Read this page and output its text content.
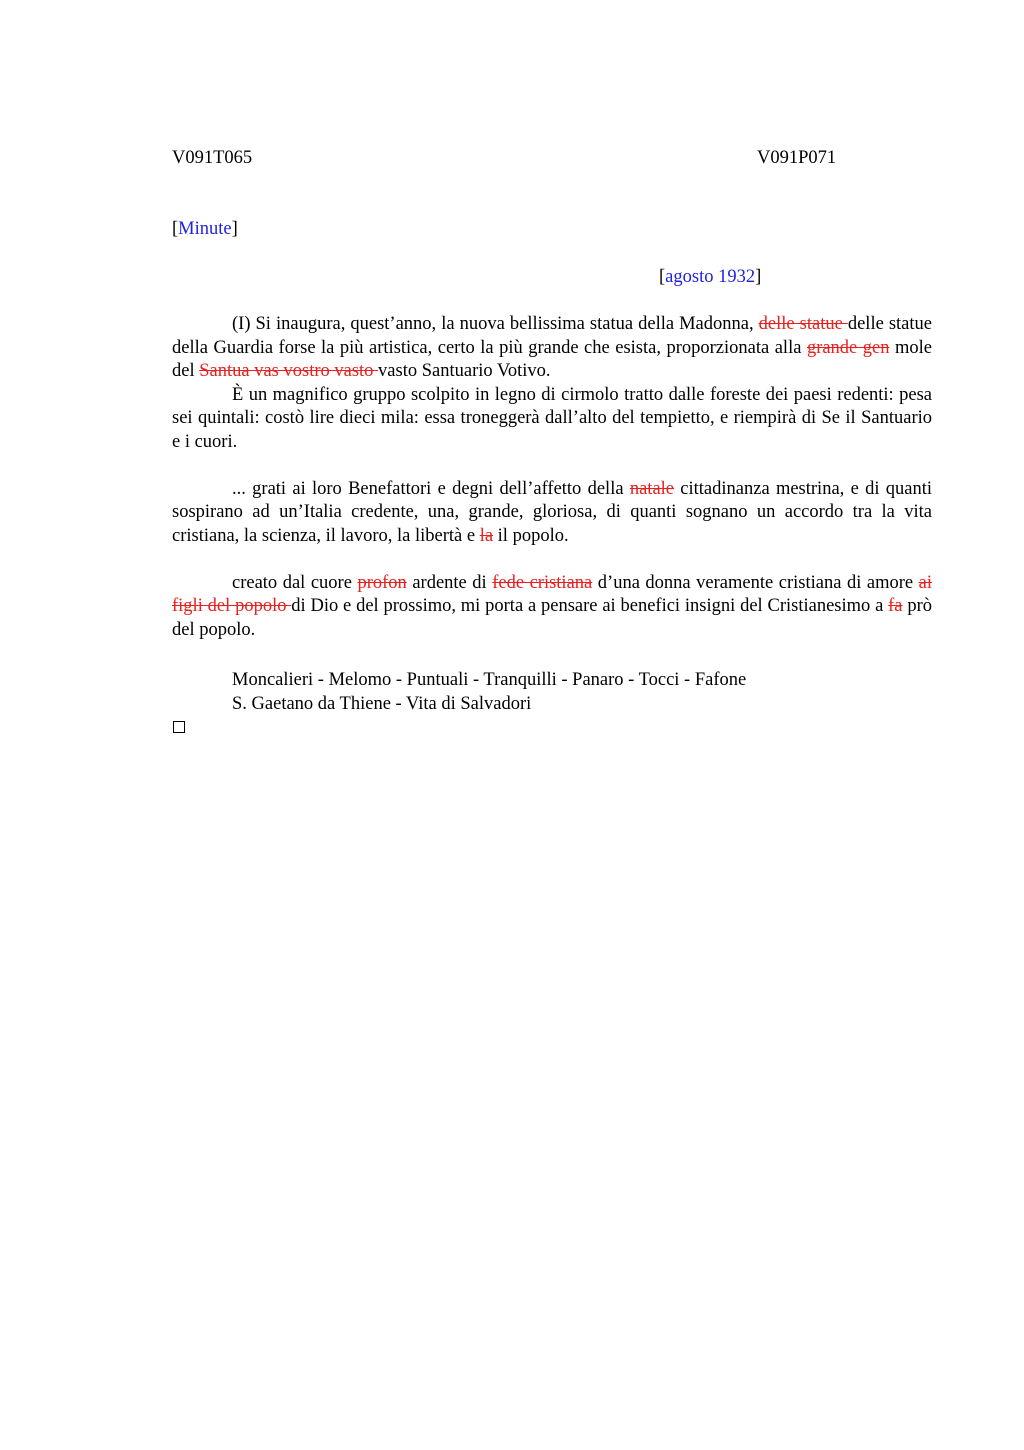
V091T065	V091P071
[Minute]
[agosto 1932]

(I) Si inaugura, quest’anno, la nuova bellissima statua della Madonna, delle statue delle statue della Guardia forse la più artistica, certo la più grande che esista, proporzionata alla grande gen mole del Santua vas vostro vasto vasto Santuario Votivo.

È un magnifico gruppo scolpito in legno di cirmolo tratto dalle foreste dei paesi redenti: pesa sei quintali: costò lire dieci mila: essa troneggerà dall’alto del tempietto, e riempirà di Se il Santuario e i cuori.

... grati ai loro Benefattori e degni dell’affetto della natale cittadinanza mestrina, e di quanti sospirano ad un’Italia credente, una, grande, gloriosa, di quanti sognano un accordo tra la vita cristiana, la scienza, il lavoro, la libertà e la il popolo.

creato dal cuore profon ardente di fede cristiana d’una donna veramente cristiana di amore ai figli del popolo di Dio e del prossimo, mi porta a pensare ai benefici insigni del Cristianesimo a fa prò del popolo.

Moncalieri - Melomo - Puntuali - Tranquilli - Panaro - Tocci - Fafone
S. Gaetano da Thiene - Vita di Salvadori
